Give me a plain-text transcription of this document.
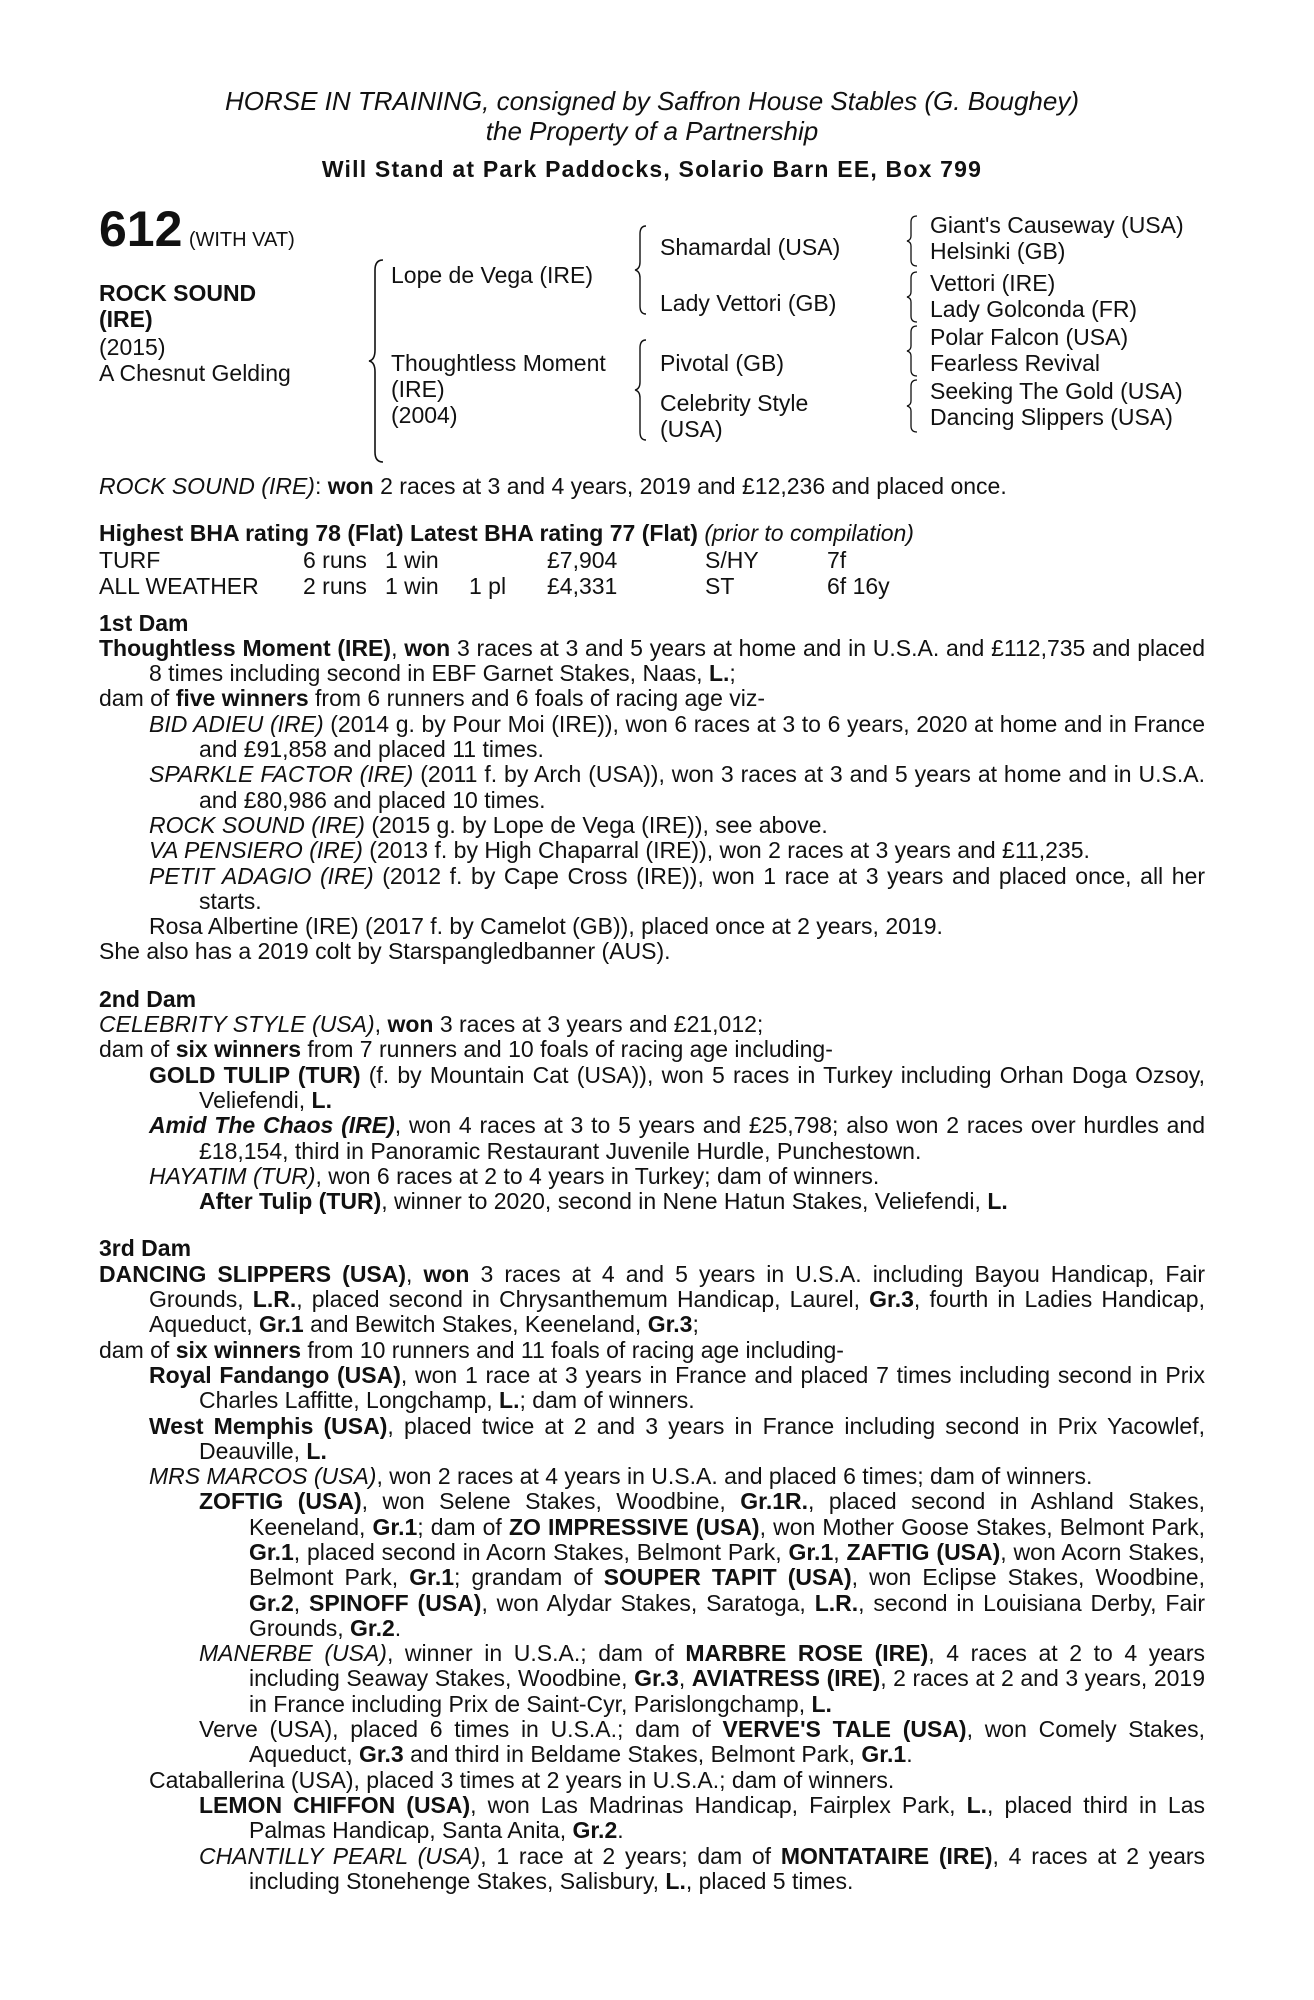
HORSE IN TRAINING, consigned by Saffron House Stables (G. Boughey)
the Property of a Partnership
Will Stand at Park Paddocks, Solario Barn EE, Box 799
612 (WITH VAT)
ROCK SOUND
(IRE)
(2015)
A Chesnut Gelding
Lope de Vega (IRE)
Thoughtless Moment
(IRE)
(2004)
Shamardal (USA)
Lady Vettori (GB)
Pivotal (GB)
Celebrity Style
(USA)
Giant's Causeway (USA)
Helsinki (GB)
Vettori (IRE)
Lady Golconda (FR)
Polar Falcon (USA)
Fearless Revival
Seeking The Gold (USA)
Dancing Slippers (USA)

ROCK SOUND (IRE): won 2 races at 3 and 4 years, 2019 and £12,236 and placed once.

Highest BHA rating 78 (Flat) Latest BHA rating 77 (Flat) (prior to compilation)

TURF	6 runs 1 win	£7,904	S/HY	7f
ALL WEATHER 2 runs 1 win 1 pl £4,331	ST	6f 16y

1st Dam

Thoughtless Moment (IRE), won 3 races at 3 and 5 years at home and in U.S.A. and £112,735 and placed 8 times including second in EBF Garnet Stakes, Naas, L.;

dam of five winners from 6 runners and 6 foals of racing age viz-

BID ADIEU (IRE) (2014 g. by Pour Moi (IRE)), won 6 races at 3 to 6 years, 2020 at home and in France and £91,858 and placed 11 times.

SPARKLE FACTOR (IRE) (2011 f. by Arch (USA)), won 3 races at 3 and 5 years at home and in U.S.A. and £80,986 and placed 10 times.

ROCK SOUND (IRE) (2015 g. by Lope de Vega (IRE)), see above.

VA PENSIERO (IRE) (2013 f. by High Chaparral (IRE)), won 2 races at 3 years and £11,235.

PETIT ADAGIO (IRE) (2012 f. by Cape Cross (IRE)), won 1 race at 3 years and placed once, all her starts.

Rosa Albertine (IRE) (2017 f. by Camelot (GB)), placed once at 2 years, 2019.

She also has a 2019 colt by Starspangledbanner (AUS).

2nd Dam

CELEBRITY STYLE (USA), won 3 races at 3 years and £21,012;

dam of six winners from 7 runners and 10 foals of racing age including-

GOLD TULIP (TUR) (f. by Mountain Cat (USA)), won 5 races in Turkey including Orhan Doga Ozsoy, Veliefendi, L.

Amid The Chaos (IRE), won 4 races at 3 to 5 years and £25,798; also won 2 races over hurdles and £18,154, third in Panoramic Restaurant Juvenile Hurdle, Punchestown.

HAYATIM (TUR), won 6 races at 2 to 4 years in Turkey; dam of winners.

After Tulip (TUR), winner to 2020, second in Nene Hatun Stakes, Veliefendi, L.

3rd Dam

DANCING SLIPPERS (USA), won 3 races at 4 and 5 years in U.S.A. including Bayou Handicap, Fair Grounds, L.R., placed second in Chrysanthemum Handicap, Laurel, Gr.3, fourth in Ladies Handicap, Aqueduct, Gr.1 and Bewitch Stakes, Keeneland, Gr.3;

dam of six winners from 10 runners and 11 foals of racing age including-

Royal Fandango (USA), won 1 race at 3 years in France and placed 7 times including second in Prix Charles Laffitte, Longchamp, L.; dam of winners.

West Memphis (USA), placed twice at 2 and 3 years in France including second in Prix Yacowlef, Deauville, L.

MRS MARCOS (USA), won 2 races at 4 years in U.S.A. and placed 6 times; dam of winners.

ZOFTIG (USA), won Selene Stakes, Woodbine, Gr.1R., placed second in Ashland Stakes, Keeneland, Gr.1; dam of ZO IMPRESSIVE (USA), won Mother Goose Stakes, Belmont Park, Gr.1, placed second in Acorn Stakes, Belmont Park, Gr.1, ZAFTIG (USA), won Acorn Stakes, Belmont Park, Gr.1; grandam of SOUPER TAPIT (USA), won Eclipse Stakes, Woodbine, Gr.2, SPINOFF (USA), won Alydar Stakes, Saratoga, L.R., second in Louisiana Derby, Fair Grounds, Gr.2.

MANERBE (USA), winner in U.S.A.; dam of MARBRE ROSE (IRE), 4 races at 2 to 4 years including Seaway Stakes, Woodbine, Gr.3, AVIATRESS (IRE), 2 races at 2 and 3 years, 2019 in France including Prix de Saint-Cyr, Parislongchamp, L.

Verve (USA), placed 6 times in U.S.A.; dam of VERVE'S TALE (USA), won Comely Stakes, Aqueduct, Gr.3 and third in Beldame Stakes, Belmont Park, Gr.1.

Cataballerina (USA), placed 3 times at 2 years in U.S.A.; dam of winners.

LEMON CHIFFON (USA), won Las Madrinas Handicap, Fairplex Park, L., placed third in Las Palmas Handicap, Santa Anita, Gr.2.

CHANTILLY PEARL (USA), 1 race at 2 years; dam of MONTATAIRE (IRE), 4 races at 2 years including Stonehenge Stakes, Salisbury, L., placed 5 times.
